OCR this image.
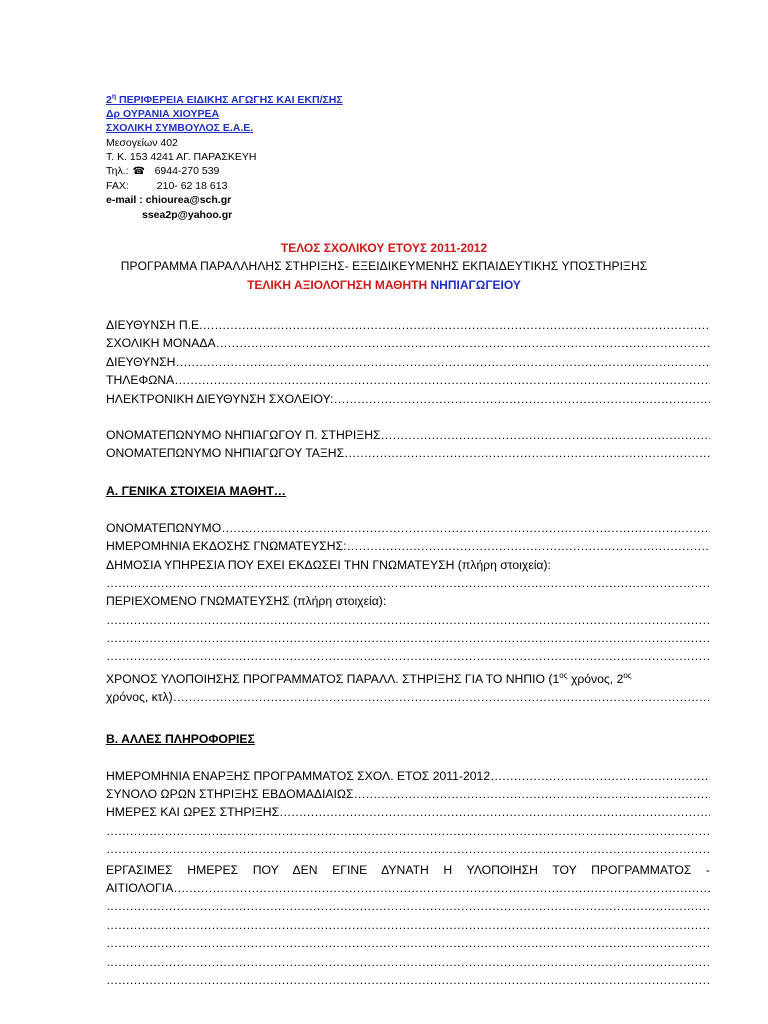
$2^\eta$ ΠΕΡΙΦΕΡΕΙΑ ΕΙΔΙΚΗΣ ΑΓΩΓΗΣ ΚΑΙ ΕΚΠ/ΣΗΣ
Δρ ΟΥΡΑΝΙΑ ΧΙΟΥΡΕΑ
ΣΧΟΛΙΚΗ ΣΥΜΒΟΥΛΟΣ Ε.Α.Ε.
Μεσογείων 402
Τ. Κ. 153 4241 ΑΓ. ΠΑΡΑΣΚΕΥΗ
Τηλ.: ☎ 6944-270 539
FAX:	210- 62 18 613
e-mail : chiourea@sch.gr
ssea2p@yahoo.gr
ΤΕΛΟΣ ΣΧΟΛΙΚΟΥ ΕΤΟΥΣ 2011-2012
ΠΡΟΓΡΑΜΜΑ ΠΑΡΑΛΛΗΛΗΣ ΣΤΗΡΙΞΗΣ- ΕΞΕΙΔΙΚΕΥΜΕΝΗΣ ΕΚΠΑΙΔΕΥΤΙΚΗΣ ΥΠΟΣΤΗΡΙΞΗΣ
ΤΕΛΙΚΗ ΑΞΙΟΛΟΓΗΣΗ ΜΑΘΗΤΗ ΝΗΠΙΑΓΩΓΕΙΟΥ
ΔΙΕΥΘΥΝΣΗ Π.Ε.
……………………………………………………………………………………………………………………………………………………………………………………………………………………………………………………
ΣΧΟΛΙΚΗ ΜΟΝΑΔΑ
……………………………………………………………………………………………………………………………………………………………………………………………………………………………………………………
ΔΙΕΥΘΥΝΣΗ
……………………………………………………………………………………………………………………………………………………………………………………………………………………………………………………
ΤΗΛΕΦΩΝΑ
……………………………………………………………………………………………………………………………………………………………………………………………………………………………………………………
ΗΛΕΚΤΡΟΝΙΚΗ ΔΙΕΥΘΥΝΣΗ ΣΧΟΛΕΙΟΥ:
……………………………………………………………………………………………………………………………………………………………………………………………………………………………………………………
ΟΝΟΜΑΤΕΠΩΝΥΜΟ ΝΗΠΙΑΓΩΓΟΥ Π. ΣΤΗΡΙΞΗΣ
……………………………………………………………………………………………………………………………………………………………………………………………………………………………………………………
ΟΝΟΜΑΤΕΠΩΝΥΜΟ ΝΗΠΙΑΓΩΓΟΥ ΤΑΞΗΣ
……………………………………………………………………………………………………………………………………………………………………………………………………………………………………………………
Α. ΓΕΝΙΚΑ ΣΤΟΙΧΕΙΑ ΜΑΘΗΤ…
ΟΝΟΜΑΤΕΠΩΝΥΜΟ
……………………………………………………………………………………………………………………………………………………………………………………………………………………………………………………
ΗΜΕΡΟΜΗΝΙΑ ΕΚΔΟΣΗΣ ΓΝΩΜΑΤΕΥΣΗΣ:
……………………………………………………………………………………………………………………………………………………………………………………………………………………………………………………
ΔΗΜΟΣΙΑ ΥΠΗΡΕΣΙΑ ΠΟΥ ΕΧΕΙ ΕΚΔΩΣΕΙ ΤΗΝ ΓΝΩΜΑΤΕΥΣΗ (πλήρη στοιχεία):
……………………………………………………………………………………………………………………………………………………………………………………………………………………………………………………
ΠΕΡΙΕΧΟΜΕΝΟ ΓΝΩΜΑΤΕΥΣΗΣ (πλήρη στοιχεία):
……………………………………………………………………………………………………………………………………………………………………………………………………………………………………………………
……………………………………………………………………………………………………………………………………………………………………………………………………………………………………………………
……………………………………………………………………………………………………………………………………………………………………………………………………………………………………………………
ΧΡΟΝΟΣ ΥΛΟΠΟΙΗΣΗΣ ΠΡΟΓΡΑΜΜΑΤΟΣ ΠΑΡΑΛΛ. ΣΤΗΡΙΞΗΣ ΓΙΑ ΤΟ ΝΗΠΙΟ ($1^{o\varsigma}$ χρόνος, $2^{o\varsigma}$
χρόνος, κτλ)
……………………………………………………………………………………………………………………………………………………………………………………………………………………………………………………
Β. ΑΛΛΕΣ ΠΛΗΡΟΦΟΡΙΕΣ
ΗΜΕΡΟΜΗΝΙΑ ΕΝΑΡΞΗΣ ΠΡΟΓΡΑΜΜΑΤΟΣ ΣΧΟΛ. ΕΤΟΣ 2011-2012
……………………………………………………………………………………………………………………………………………………………………………………………………………………………………………………
ΣΥΝΟΛΟ ΩΡΩΝ ΣΤΗΡΙΞΗΣ ΕΒΔΟΜΑΔΙΑΙΩΣ
……………………………………………………………………………………………………………………………………………………………………………………………………………………………………………………
ΗΜΕΡΕΣ ΚΑΙ ΩΡΕΣ ΣΤΗΡΙΞΗΣ
……………………………………………………………………………………………………………………………………………………………………………………………………………………………………………………
……………………………………………………………………………………………………………………………………………………………………………………………………………………………………………………
……………………………………………………………………………………………………………………………………………………………………………………………………………………………………………………
ΕΡΓΑΣΙΜΕΣ ΗΜΕΡΕΣ ΠΟΥ ΔΕΝ ΕΓΙΝΕ ΔΥΝΑΤΗ Η ΥΛΟΠΟΙΗΣΗ ΤΟΥ ΠΡΟΓΡΑΜΜΑΤΟΣ -
ΑΙΤΙΟΛΟΓΙΑ
……………………………………………………………………………………………………………………………………………………………………………………………………………………………………………………
……………………………………………………………………………………………………………………………………………………………………………………………………………………………………………………
……………………………………………………………………………………………………………………………………………………………………………………………………………………………………………………
……………………………………………………………………………………………………………………………………………………………………………………………………………………………………………………
……………………………………………………………………………………………………………………………………………………………………………………………………………………………………………………
……………………………………………………………………………………………………………………………………………………………………………………………………………………………………………………
